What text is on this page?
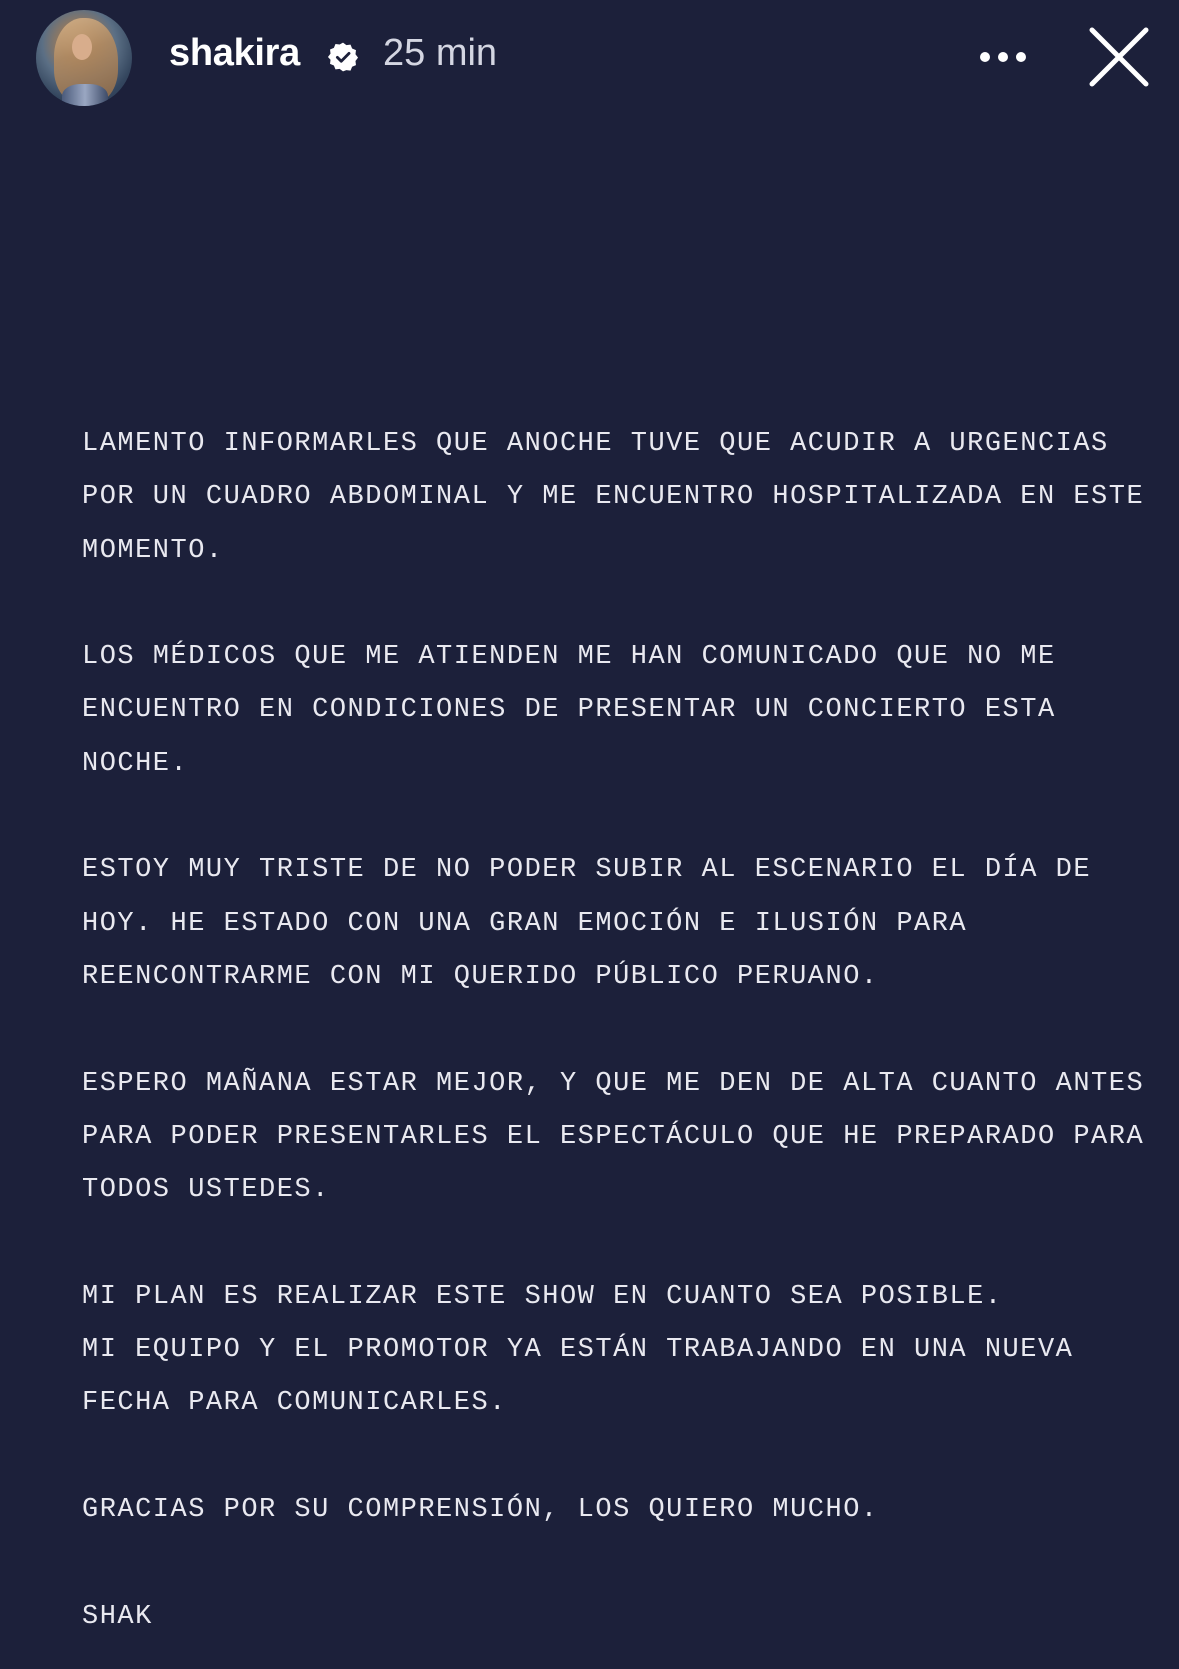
shakira 25 min
LAMENTO INFORMARLES QUE ANOCHE TUVE QUE ACUDIR A URGENCIAS
POR UN CUADRO ABDOMINAL Y ME ENCUENTRO HOSPITALIZADA EN ESTE
MOMENTO.
LOS MÉDICOS QUE ME ATIENDEN ME HAN COMUNICADO QUE NO ME
ENCUENTRO EN CONDICIONES DE PRESENTAR UN CONCIERTO ESTA
NOCHE.
ESTOY MUY TRISTE DE NO PODER SUBIR AL ESCENARIO EL DÍA DE
HOY. HE ESTADO CON UNA GRAN EMOCIÓN E ILUSIÓN PARA
REENCONTRARME CON MI QUERIDO PÚBLICO PERUANO.
ESPERO MAÑANA ESTAR MEJOR, Y QUE ME DEN DE ALTA CUANTO ANTES
PARA PODER PRESENTARLES EL ESPECTÁCULO QUE HE PREPARADO PARA
TODOS USTEDES.
MI PLAN ES REALIZAR ESTE SHOW EN CUANTO SEA POSIBLE.
MI EQUIPO Y EL PROMOTOR YA ESTÁN TRABAJANDO EN UNA NUEVA
FECHA PARA COMUNICARLES.
GRACIAS POR SU COMPRENSIÓN, LOS QUIERO MUCHO.
SHAK
